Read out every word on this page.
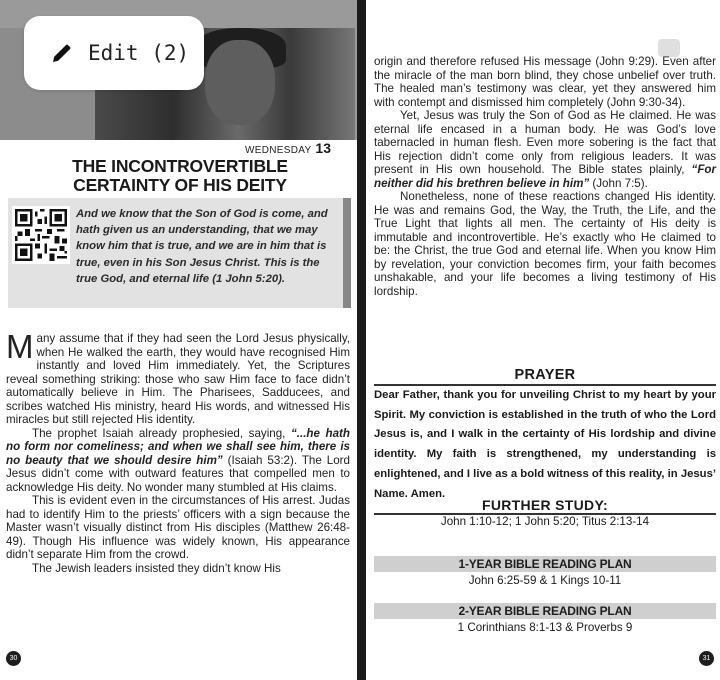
Edit (2)
WEDNESDAY 13
THE INCONTROVERTIBLE
CERTAINTY OF HIS DEITY
And we know that the Son of God is come, and hath given us an understanding, that we may know him that is true, and we are in him that is true, even in his Son Jesus Christ. This is the true God, and eternal life (1 John 5:20).

Many assume that if they had seen the Lord Jesus physically, when He walked the earth, they would have recognised Him instantly and loved Him immediately. Yet, the Scriptures reveal something striking: those who saw Him face to face didn’t automatically believe in Him. The Pharisees, Sadducees, and scribes watched His ministry, heard His words, and witnessed His miracles but still rejected His identity.

The prophet Isaiah already prophesied, saying, “...he hath no form nor comeliness; and when we shall see him, there is no beauty that we should desire him” (Isaiah 53:2). The Lord Jesus didn’t come with outward features that compelled men to acknowledge His deity. No wonder many stumbled at His claims.

This is evident even in the circumstances of His arrest. Judas had to identify Him to the priests’ officers with a sign because the Master wasn’t visually distinct from His disciples (Matthew 26:48-49). Though His influence was widely known, His appearance didn’t separate Him from the crowd.

The Jewish leaders insisted they didn’t know His

30

origin and therefore refused His message (John 9:29). Even after the miracle of the man born blind, they chose unbelief over truth. The healed man’s testimony was clear, yet they answered him with contempt and dismissed him completely (John 9:30-34).

Yet, Jesus was truly the Son of God as He claimed. He was eternal life encased in a human body. He was God’s love tabernacled in human flesh. Even more sobering is the fact that His rejection didn’t come only from religious leaders. It was present in His own household. The Bible states plainly, “For neither did his brethren believe in him” (John 7:5).

Nonetheless, none of these reactions changed His identity. He was and remains God, the Way, the Truth, the Life, and the True Light that lights all men. The certainty of His deity is immutable and incontrovertible. He’s exactly who He claimed to be: the Christ, the true God and eternal life. When you know Him by revelation, your conviction becomes firm, your faith becomes unshakable, and your life becomes a living testimony of His lordship.

PRAYER
Dear Father, thank you for unveiling Christ to my heart by your Spirit. My conviction is established in the truth of who the Lord Jesus is, and I walk in the certainty of His lordship and divine identity. My faith is strengthened, my understanding is enlightened, and I live as a bold witness of this reality, in Jesus’ Name. Amen.
FURTHER STUDY:
John 1:10-12; 1 John 5:20; Titus 2:13-14
1-YEAR BIBLE READING PLAN
John 6:25-59 & 1 Kings 10-11
2-YEAR BIBLE READING PLAN
1 Corinthians 8:1-13 & Proverbs 9
31
